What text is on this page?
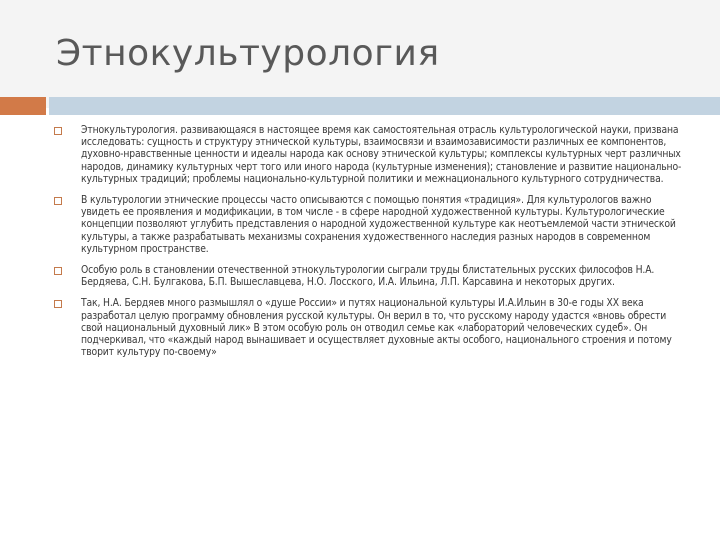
Этнокультурология
Этнокультурология. развивающаяся в настоящее время как самостоятельная отрасль культурологической науки, призвана исследовать: сущность и структуру этнической культуры, взаимосвязи и взаимозависимости различных ее компонентов, духовно-нравственные ценности и идеалы народа как основу этнической культуры; комплексы культурных черт различных народов, динамику культурных черт того или иного народа (культурные изменения); становление и развитие национально-культурных традиций; проблемы национально-культурной политики и межнационального культурного сотрудничества.
В культурологии этнические процессы часто описываются с помощью понятия «традиция». Для культурологов важно увидеть ее проявления и модификации, в том числе - в сфере народной художественной культуры. Культурологические концепции позволяют углубить представления о народной художественной культуре как неотъемлемой части этнической культуры, а также разрабатывать механизмы сохранения художественного наследия разных народов в современном культурном пространстве.
Особую роль в становлении отечественной этнокультурологии сыграли труды блистательных русских философов Н.А. Бердяева, С.Н. Булгакова, Б.П. Вышеславцева, Н.О. Лосского, И.А. Ильина, Л.П. Карсавина и некоторых других.
Так, Н.А. Бердяев много размышлял о «душе России» и путях национальной культуры И.А.Ильин в 30-е годы XX века разработал целую программу обновления русской культуры. Он верил в то, что русскому народу удастся «вновь обрести свой национальный духовный лик» В этом особую роль он отводил семье как «лабораторий человеческих судеб». Он подчеркивал, что «каждый народ вынашивает и осуществляет духовные акты особого, национального строения и потому творит культуру по-своему»
